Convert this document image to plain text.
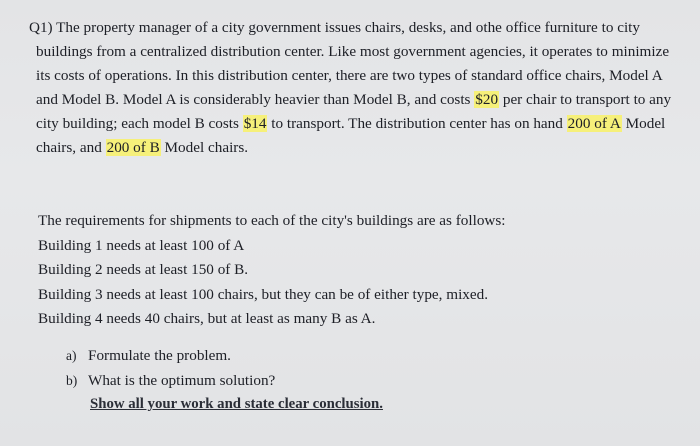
Q1) The property manager of a city government issues chairs, desks, and othe office furniture to city
buildings from a centralized distribution center. Like most government agencies, it operates to minimize
its costs of operations. In this distribution center, there are two types of standard office chairs, Model A
and Model B. Model A is considerably heavier than Model B, and costs $20 per chair to transport to any
city building; each model B costs $14 to transport. The distribution center has on hand 200 of A Model
chairs, and 200 of B Model chairs.
The requirements for shipments to each of the city's buildings are as follows:
Building 1 needs at least 100 of A
Building 2 needs at least 150 of B.
Building 3 needs at least 100 chairs, but they can be of either type, mixed.
Building 4 needs 40 chairs, but at least as many B as A.
a) Formulate the problem.
b) What is the optimum solution?
Show all your work and state clear conclusion.
